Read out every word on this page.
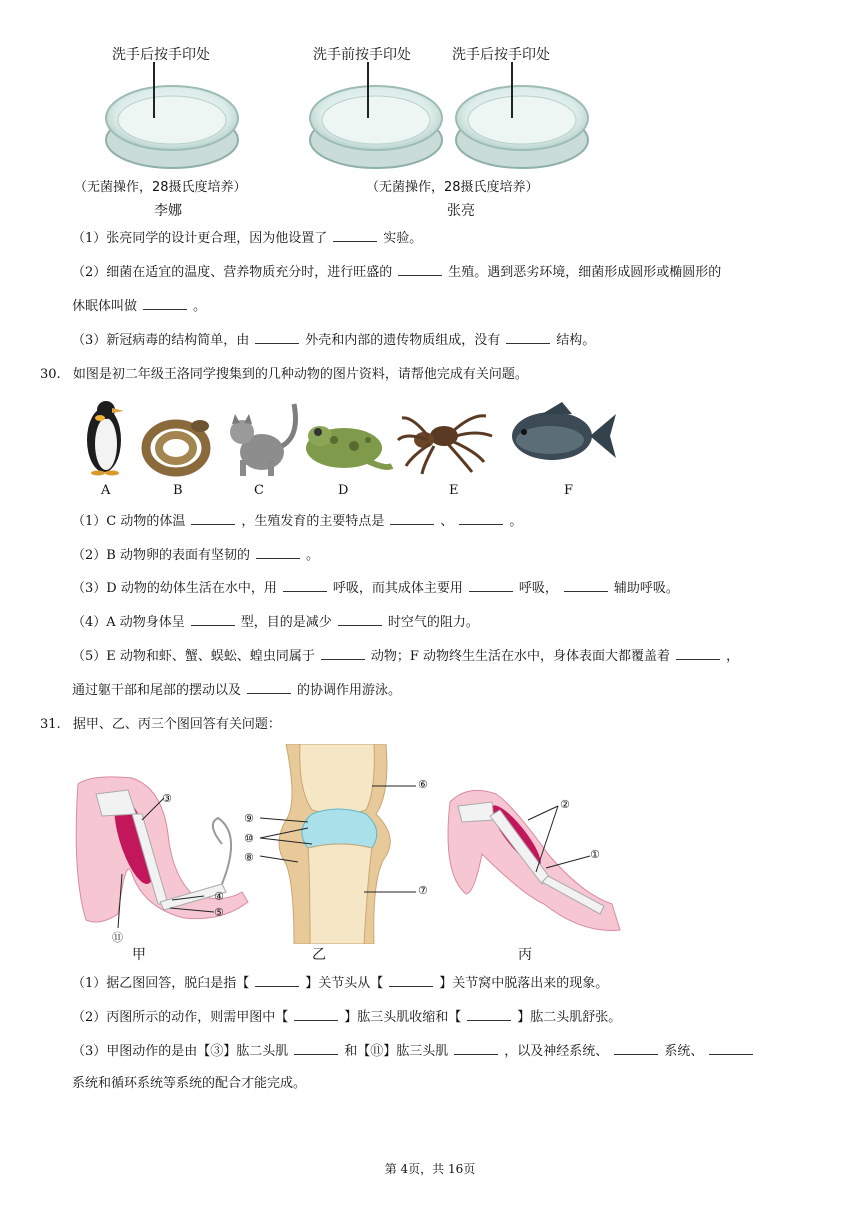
洗手后按手印处	洗手前按手印处	洗手后按手印处
（无菌操作，28摄氏度培养）	（无菌操作，28摄氏度培养）
李娜	张亮
（1）张亮同学的设计更合理，因为他设置了	实验。
（2）细菌在适宜的温度、营养物质充分时，进行旺盛的	生殖。遇到恶劣环境，细菌形成圆形或椭圆形的
休眠体叫做	。
（3）新冠病毒的结构简单，由	外壳和内部的遗传物质组成，没有	结构。
30. 如图是初二年级王洛同学搜集到的几种动物的图片资料，请帮他完成有关问题。
A	B	C	D	E	F
（1）C 动物的体温	，生殖发育的主要特点是	、	。
（2）B 动物卵的表面有坚韧的	。
（3）D 动物的幼体生活在水中，用	呼吸，而其成体主要用	呼吸，	辅助呼吸。
（4）A 动物身体呈	型，目的是减少	时空气的阻力。
（5）E 动物和虾、蟹、蜈蚣、蝗虫同属于	动物；F 动物终生生活在水中，身体表面大都覆盖着	，
通过躯干部和尾部的摆动以及	的协调作用游泳。
31. 据甲、乙、丙三个图回答有关问题：
③
④
⑤
⑪
⑨
⑩
⑧
⑥
⑦
②
①
甲	乙	丙
（1）据乙图回答，脱臼是指【	】关节头从【	】关节窝中脱落出来的现象。
（2）丙图所示的动作，则需甲图中【	】肱三头肌收缩和【	】肱二头肌舒张。
（3）甲图动作的是由【③】肱二头肌	和【⑪】肱三头肌	，以及神经系统、	系统、
系统和循环系统等系统的配合才能完成。
第 4页，共 16页
